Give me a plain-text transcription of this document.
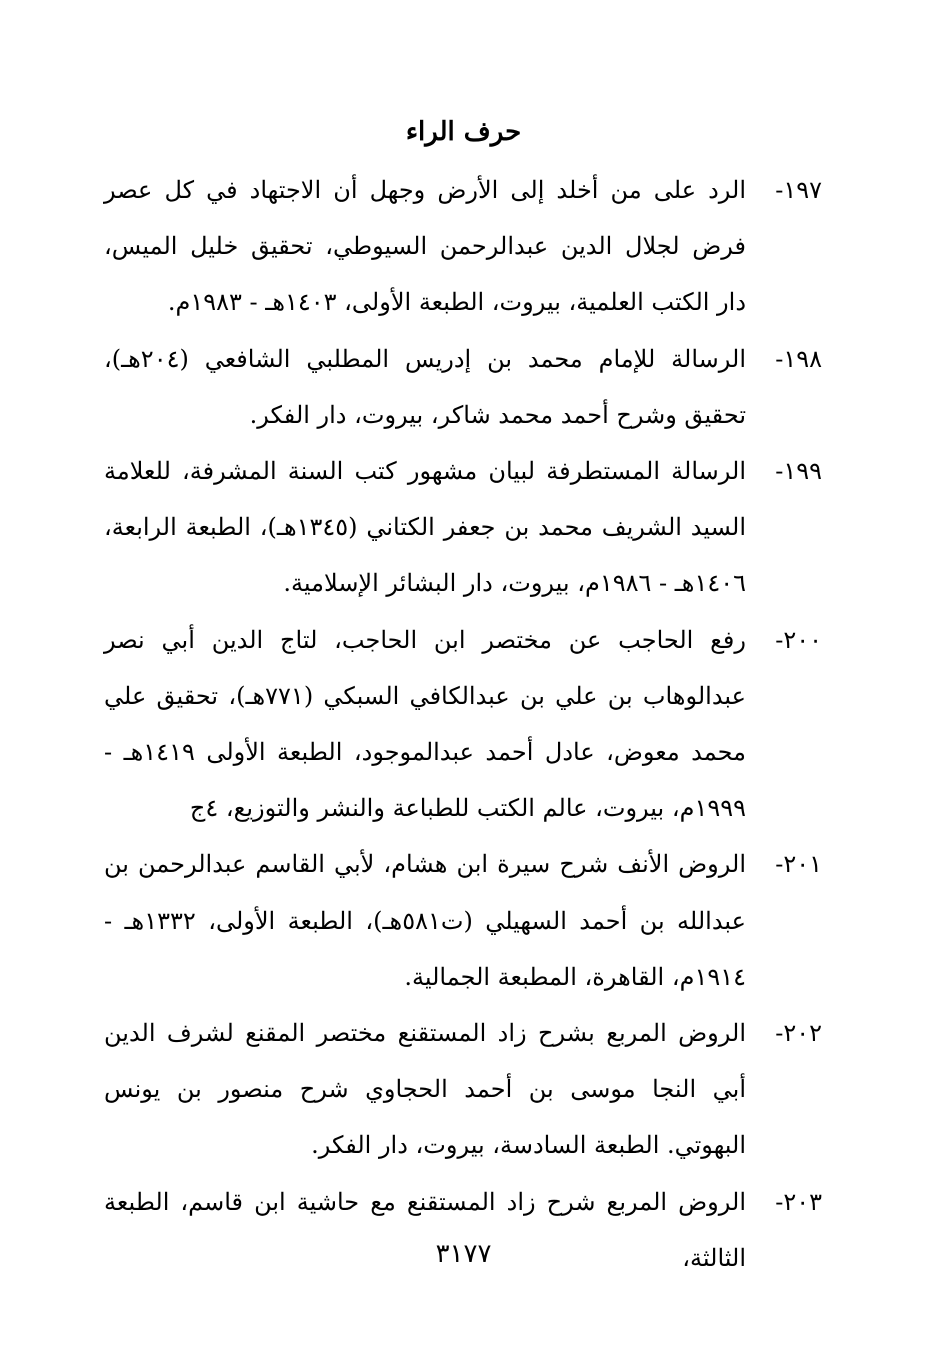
حرف الراء
١٩٧-
الرد على من أخلد إلى الأرض وجهل أن الاجتهاد في كل عصر فرض لجلال الدين عبدالرحمن السيوطي، تحقيق خليل الميس، دار الكتب العلمية، بيروت، الطبعة الأولى، ١٤٠٣هـ - ١٩٨٣م.
١٩٨-
الرسالة للإمام محمد بن إدريس المطلبي الشافعي (٢٠٤هـ)، تحقيق وشرح أحمد محمد شاكر، بيروت، دار الفكر.
١٩٩-
الرسالة المستطرفة لبيان مشهور كتب السنة المشرفة، للعلامة السيد الشريف محمد بن جعفر الكتاني (١٣٤٥هـ)، الطبعة الرابعة، ١٤٠٦هـ - ١٩٨٦م، بيروت، دار البشائر الإسلامية.
٢٠٠-
رفع الحاجب عن مختصر ابن الحاجب، لتاج الدين أبي نصر عبدالوهاب بن علي بن عبدالكافي السبكي (٧٧١هـ)، تحقيق علي محمد معوض، عادل أحمد عبدالموجود، الطبعة الأولى ١٤١٩هـ - ١٩٩٩م، بيروت، عالم الكتب للطباعة والنشر والتوزيع، ٤ج
٢٠١-
الروض الأنف شرح سيرة ابن هشام، لأبي القاسم عبدالرحمن بن عبدالله بن أحمد السهيلي (ت٥٨١هـ)، الطبعة الأولى، ١٣٣٢هـ - ١٩١٤م، القاهرة، المطبعة الجمالية.
٢٠٢-
الروض المربع بشرح زاد المستقنع مختصر المقنع لشرف الدين أبي النجا موسى بن أحمد الحجاوي شرح منصور بن يونس البهوتي. الطبعة السادسة، بيروت، دار الفكر.
٢٠٣-
الروض المربع شرح زاد المستقنع مع حاشية ابن قاسم، الطبعة الثالثة،
٣١٧٧
